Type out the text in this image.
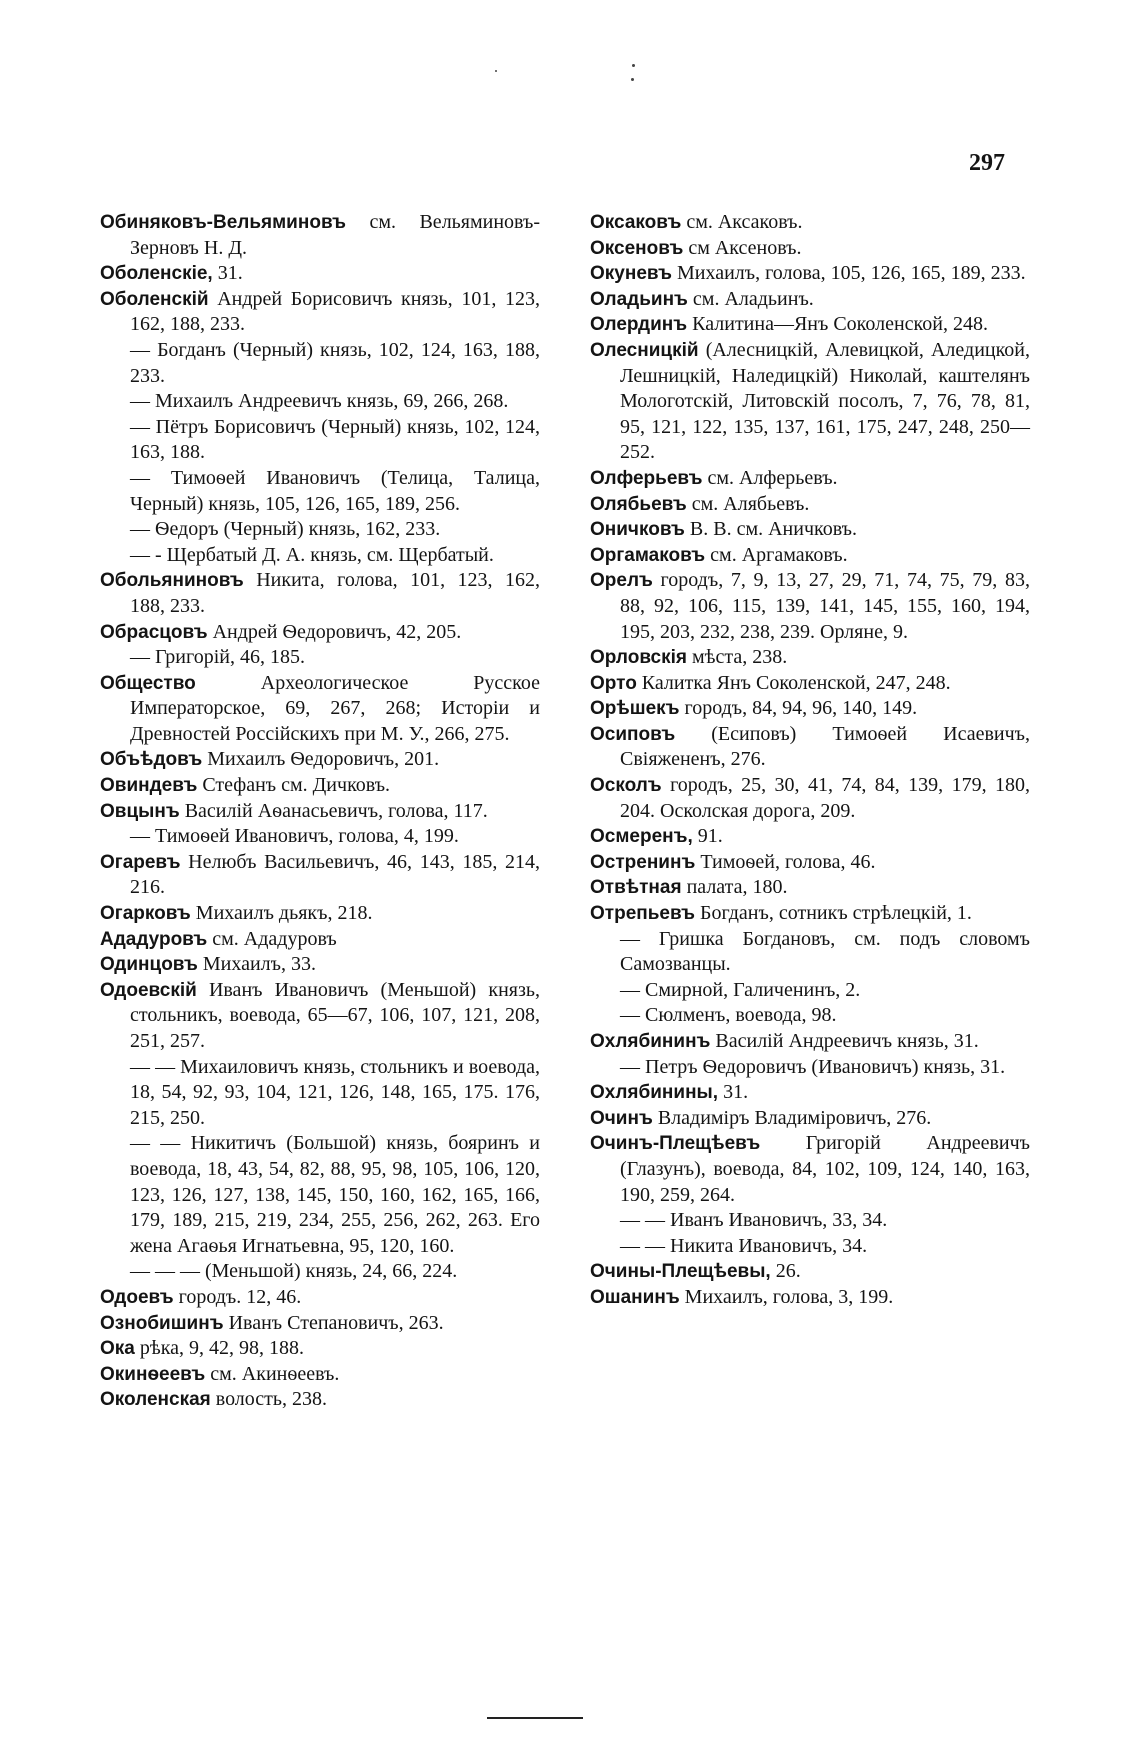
297

Обиняковъ-Вельяминовъ см. Вельяминовъ-Зерновъ Н. Д.

Оболенскіе, 31.

Оболенскій Андрей Борисовичъ князь, 101, 123, 162, 188, 233.

— Богданъ (Черный) князь, 102, 124, 163, 188, 233.

— Михаилъ Андреевичъ князь, 69, 266, 268.

— Пётръ Борисовичъ (Черный) князь, 102, 124, 163, 188.

— Тимоѳей Ивановичъ (Телица, Талица, Черный) князь, 105, 126, 165, 189, 256.

— Ѳедоръ (Черный) князь, 162, 233.

— - Щербатый Д. А. князь, см. Щербатый.

Обольяниновъ Никита, голова, 101, 123, 162, 188, 233.

Обрасцовъ Андрей Ѳедоровичъ, 42, 205.

— Григорій, 46, 185.

Общество Археологическое Русское Императорское, 69, 267, 268; Исторіи и Древностей Россійскихъ при М. У., 266, 275.

Объѣдовъ Михаилъ Ѳедоровичъ, 201.

Овиндевъ Стефанъ см. Дичковъ.

Овцынъ Василій Аѳанасьевичъ, голова, 117.

— Тимоѳей Ивановичъ, голова, 4, 199.

Огаревъ Нелюбъ Васильевичъ, 46, 143, 185, 214, 216.

Огарковъ Михаилъ дьякъ, 218.

Ададуровъ см. Ададуровъ

Одинцовъ Михаилъ, 33.

Одоевскій Иванъ Ивановичъ (Меньшой) князь, стольникъ, воевода, 65—67, 106, 107, 121, 208, 251, 257.

— — Михаиловичъ князь, стольникъ и воевода, 18, 54, 92, 93, 104, 121, 126, 148, 165, 175. 176, 215, 250.

— — Никитичъ (Большой) князь, бояринъ и воевода, 18, 43, 54, 82, 88, 95, 98, 105, 106, 120, 123, 126, 127, 138, 145, 150, 160, 162, 165, 166, 179, 189, 215, 219, 234, 255, 256, 262, 263. Его жена Агаѳья Игнатьевна, 95, 120, 160.

— — — (Меньшой) князь, 24, 66, 224.

Одоевъ городъ. 12, 46.

Ознобишинъ Иванъ Степановичъ, 263.

Ока рѣка, 9, 42, 98, 188.

Окинѳеевъ см. Акинѳеевъ.

Околенская волость, 238.

Оксаковъ см. Аксаковъ.

Оксеновъ см Аксеновъ.

Окуневъ Михаилъ, голова, 105, 126, 165, 189, 233.

Оладьинъ см. Аладьинъ.

Олердинъ Калитина—Янъ Соколенской, 248.

Олесницкій (Алесницкій, Алевицкой, Аледицкой, Лешницкій, Наледицкій) Николай, каштелянъ Мологотскій, Литовскій посолъ, 7, 76, 78, 81, 95, 121, 122, 135, 137, 161, 175, 247, 248, 250—252.

Олферьевъ см. Алферьевъ.

Олябьевъ см. Алябьевъ.

Оничковъ В. В. см. Аничковъ.

Оргамаковъ см. Аргамаковъ.

Орелъ городъ, 7, 9, 13, 27, 29, 71, 74, 75, 79, 83, 88, 92, 106, 115, 139, 141, 145, 155, 160, 194, 195, 203, 232, 238, 239. Орляне, 9.

Орловскія мѣста, 238.

Орто Калитка Янъ Соколенской, 247, 248.

Орѣшекъ городъ, 84, 94, 96, 140, 149.

Осиповъ (Есиповъ) Тимоѳей Исаевичъ, Свіяжененъ, 276.

Осколъ городъ, 25, 30, 41, 74, 84, 139, 179, 180, 204. Осколская дорога, 209.

Осмеренъ, 91.

Остренинъ Тимоѳей, голова, 46.

Отвѣтная палата, 180.

Отрепьевъ Богданъ, сотникъ стрѣлецкій, 1.

— Гришка Богдановъ, см. подъ словомъ Самозванцы.

— Смирной, Галиченинъ, 2.

— Сюлменъ, воевода, 98.

Охлябининъ Василій Андреевичъ князь, 31.

— Петръ Ѳедоровичъ (Ивановичъ) князь, 31.

Охлябинины, 31.

Очинъ Владиміръ Владиміровичъ, 276.

Очинъ-Плещѣевъ Григорій Андреевичъ (Глазунъ), воевода, 84, 102, 109, 124, 140, 163, 190, 259, 264.

— — Иванъ Ивановичъ, 33, 34.

— — Никита Ивановичъ, 34.

Очины-Плещѣевы, 26.

Ошанинъ Михаилъ, голова, 3, 199.
